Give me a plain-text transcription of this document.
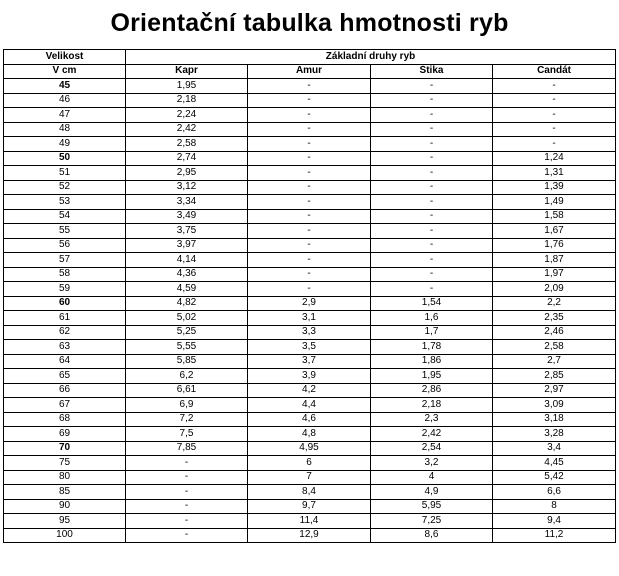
Orientační tabulka hmotnosti ryb
Velikost	Základní druhy ryb			
V cm	Kapr	Amur	Štika	Candát
45	1,95	-	-	-
46	2,18	-	-	-
47	2,24	-	-	-
48	2,42	-	-	-
49	2,58	-	-	-
50	2,74	-	-	1,24
51	2,95	-	-	1,31
52	3,12	-	-	1,39
53	3,34	-	-	1,49
54	3,49	-	-	1,58
55	3,75	-	-	1,67
56	3,97	-	-	1,76
57	4,14	-	-	1,87
58	4,36	-	-	1,97
59	4,59	-	-	2,09
60	4,82	2,9	1,54	2,2
61	5,02	3,1	1,6	2,35
62	5,25	3,3	1,7	2,46
63	5,55	3,5	1,78	2,58
64	5,85	3,7	1,86	2,7
65	6,2	3,9	1,95	2,85
66	6,61	4,2	2,86	2,97
67	6,9	4,4	2,18	3,09
68	7,2	4,6	2,3	3,18
69	7,5	4,8	2,42	3,28
70	7,85	4,95	2,54	3,4
75	-	6	3,2	4,45
80	-	7	4	5,42
85	-	8,4	4,9	6,6
90	-	9,7	5,95	8
95	-	11,4	7,25	9,4
100	-	12,9	8,6	11,2
